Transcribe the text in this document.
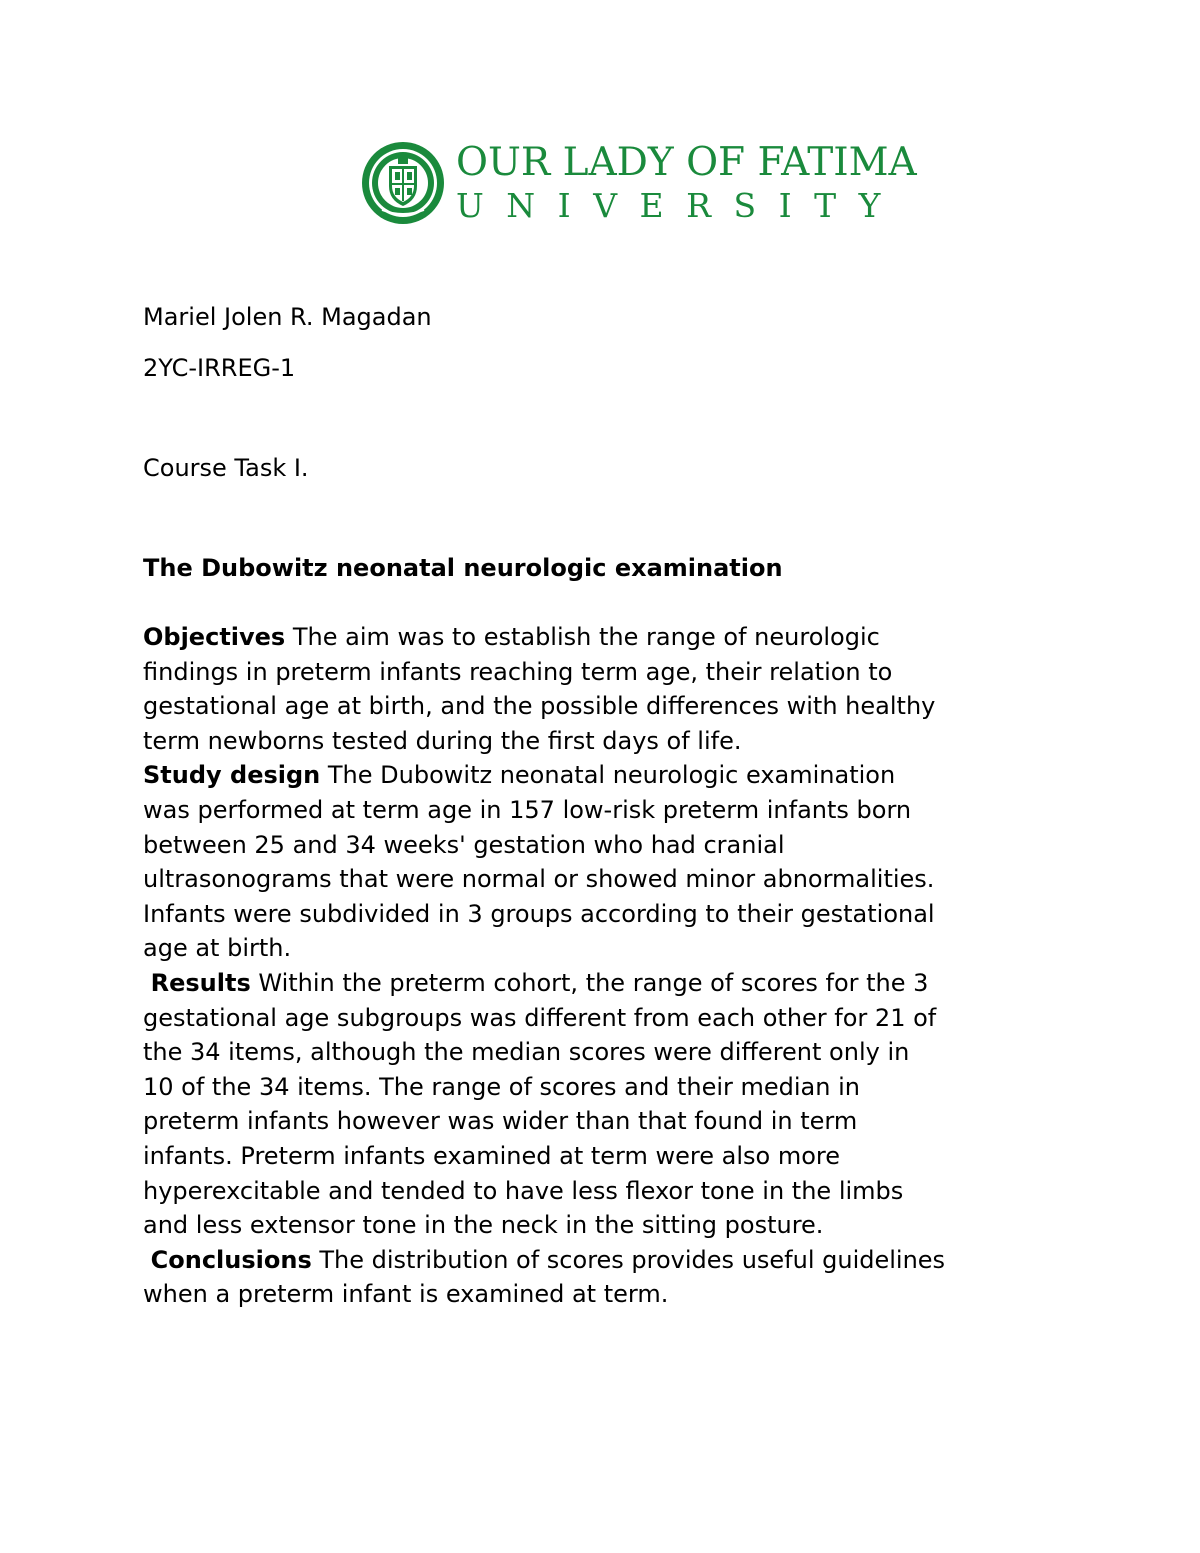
OUR LADY OF FATIMA
UNIVERSITY
Mariel Jolen R. Magadan
2YC-IRREG-1
Course Task I.
The Dubowitz neonatal neurologic examination
Objectives The aim was to establish the range of neurologic
findings in preterm infants reaching term age, their relation to
gestational age at birth, and the possible differences with healthy
term newborns tested during the first days of life.
Study design The Dubowitz neonatal neurologic examination
was performed at term age in 157 low-risk preterm infants born
between 25 and 34 weeks' gestation who had cranial
ultrasonograms that were normal or showed minor abnormalities.
Infants were subdivided in 3 groups according to their gestational
age at birth.
Results Within the preterm cohort, the range of scores for the 3
gestational age subgroups was different from each other for 21 of
the 34 items, although the median scores were different only in
10 of the 34 items. The range of scores and their median in
preterm infants however was wider than that found in term
infants. Preterm infants examined at term were also more
hyperexcitable and tended to have less flexor tone in the limbs
and less extensor tone in the neck in the sitting posture.
Conclusions The distribution of scores provides useful guidelines
when a preterm infant is examined at term.
